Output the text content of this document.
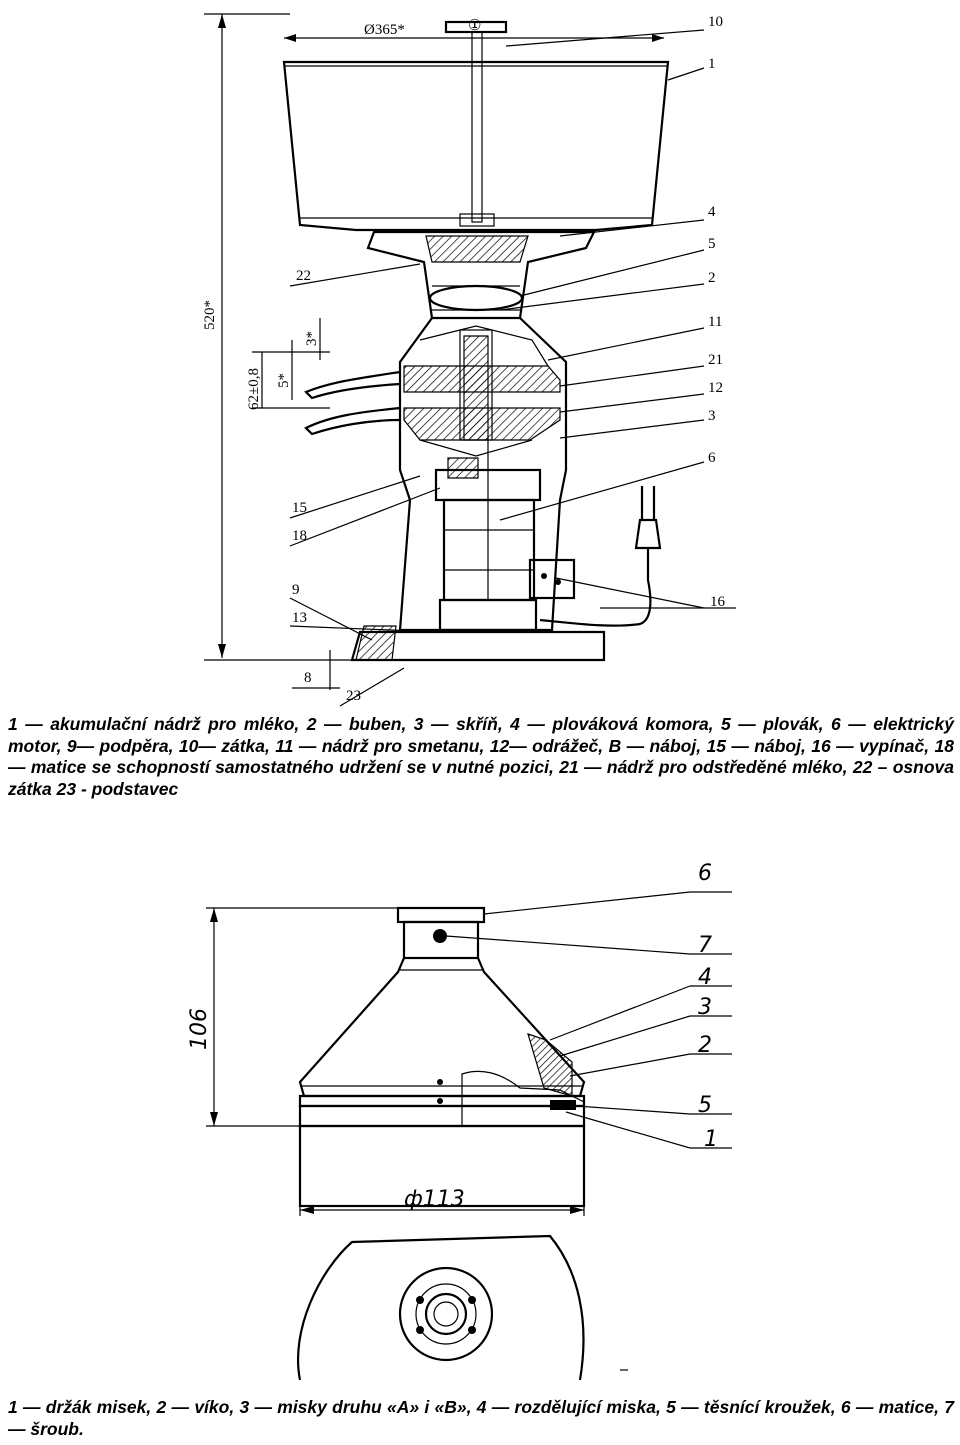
520*
Ø365*	①
62±0,8 5*
3*
10
1
4
5
2
11
21
12
3
6
16
22
15
18
9
13
8
23
1 — akumulační nádrž pro mléko, 2 — buben, 3 — skříň, 4 — plováková komora, 5 — plovák, 6 — elektrický motor, 9— podpěra, 10— zátka, 11 — nádrž pro smetanu, 12— odrážeč, B — náboj, 15 — náboj, 16 — vypínač, 18 — matice se schopností samostatného udržení se v nutné pozici, 21 — nádrž pro odstředěné mléko, 22 – osnova zátka 23 - podstavec
106
ф113
6
7
4
3
2
5
1
1 — držák misek, 2 — víko, 3 — misky druhu «A» i «B», 4 — rozdělující miska, 5 — těsnící kroužek, 6 — matice, 7 — šroub.
